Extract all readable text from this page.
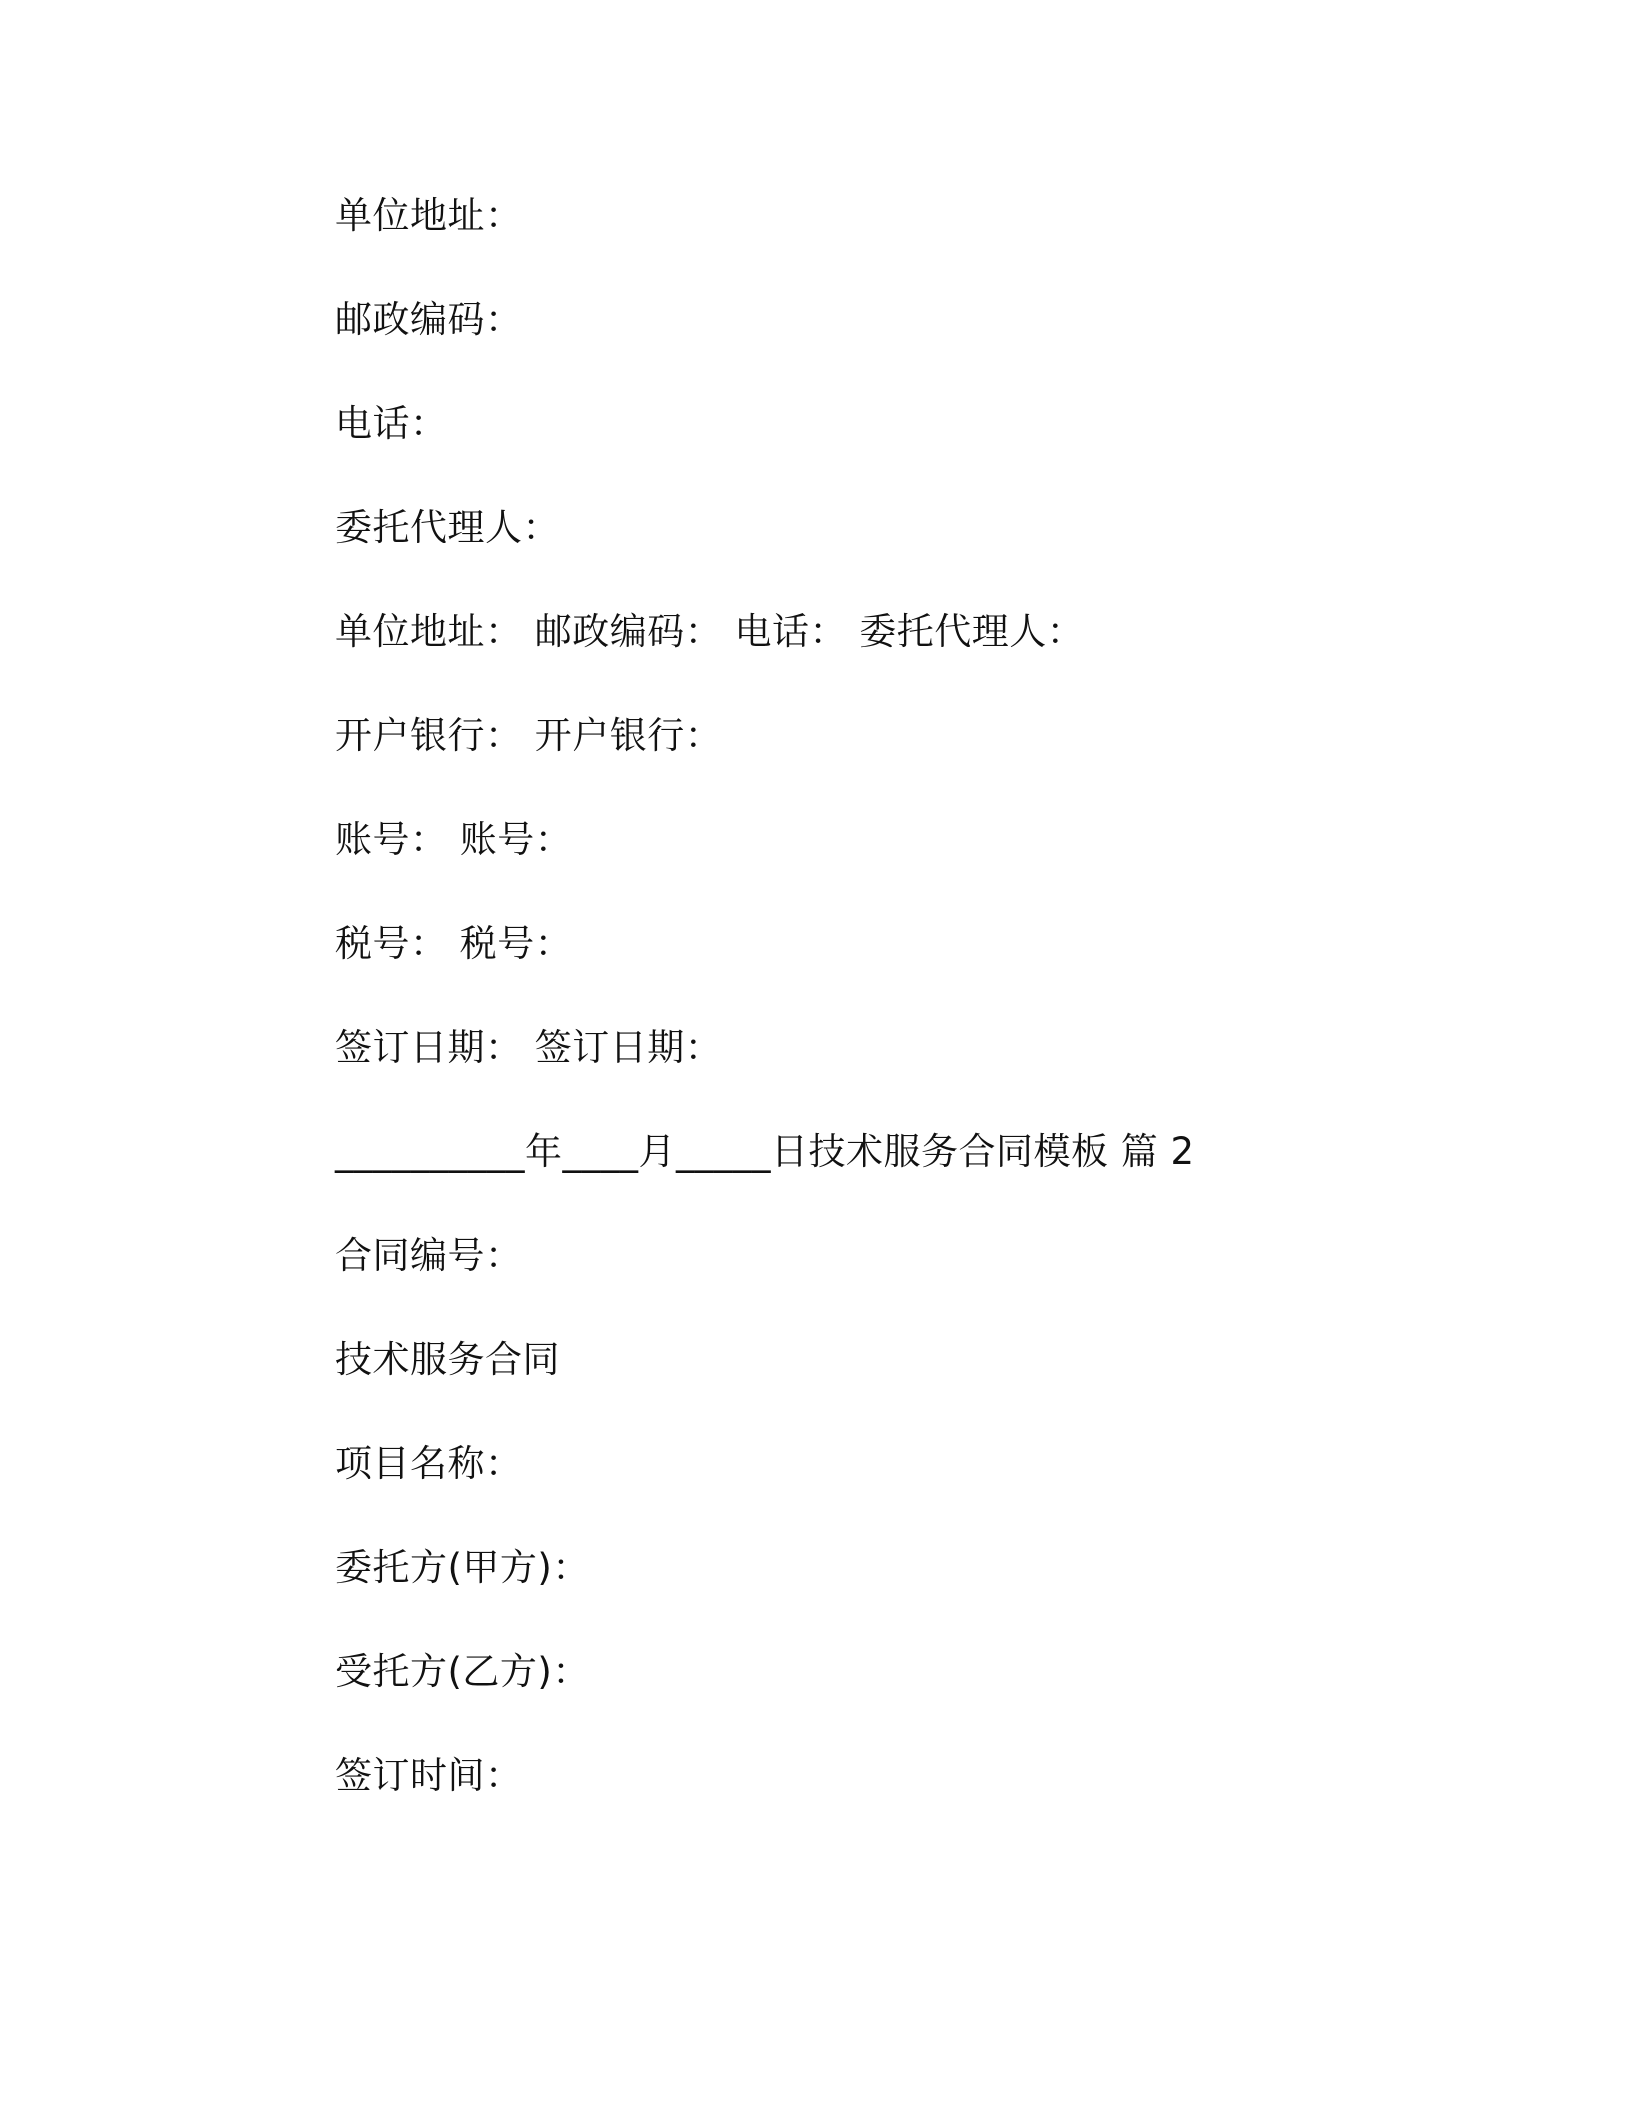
单位地址：
邮政编码：
电话：
委托代理人：
单位地址： 邮政编码： 电话： 委托代理人：
开户银行： 开户银行：
账号： 账号：
税号： 税号：
签订日期： 签订日期：
__________年____月_____日技术服务合同模板 篇 2
合同编号：
技术服务合同
项目名称：
委托方(甲方)：
受托方(乙方)：
签订时间：
